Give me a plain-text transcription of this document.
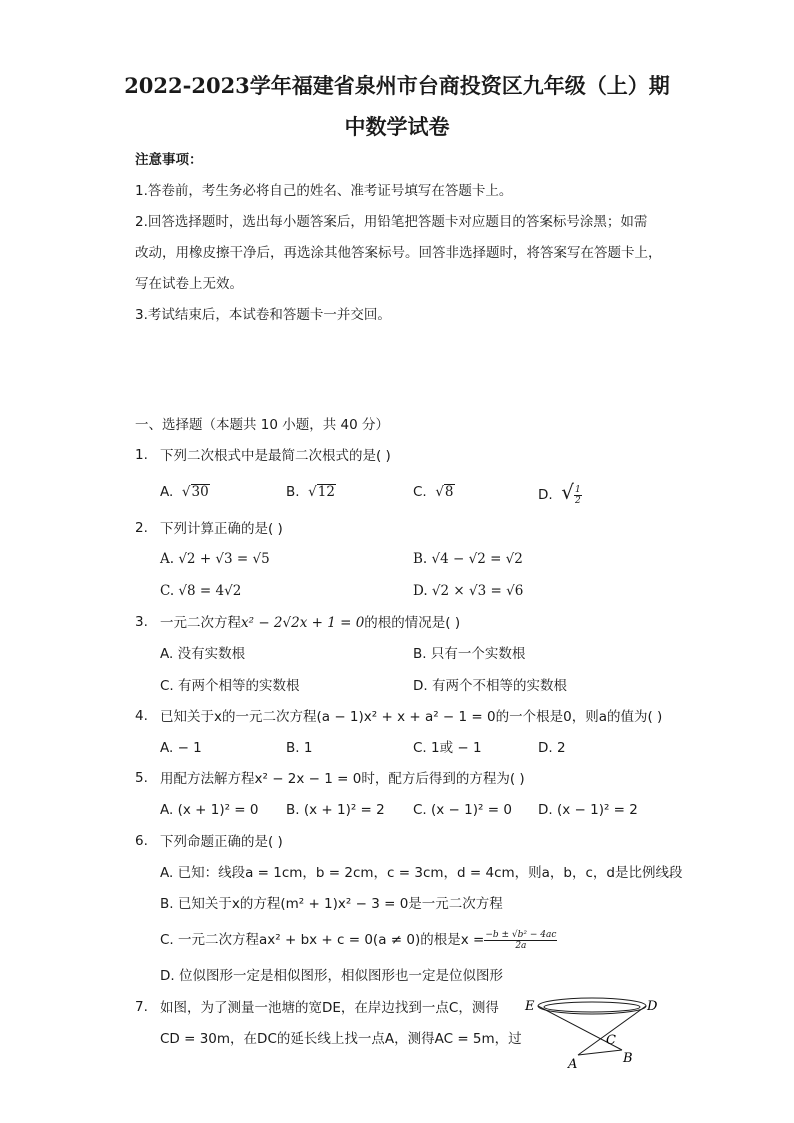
2022-2023学年福建省泉州市台商投资区九年级（上）期
中数学试卷
注意事项：
1.答卷前，考生务必将自己的姓名、准考证号填写在答题卡上。
2.回答选择题时，选出每小题答案后，用铅笔把答题卡对应题目的答案标号涂黑；如需
改动，用橡皮擦干净后，再选涂其他答案标号。回答非选择题时，将答案写在答题卡上，
写在试卷上无效。
3.考试结束后，本试卷和答题卡一并交回。
一、选择题（本题共 10 小题，共 40 分）
1. 下列二次根式中是最简二次根式的是( )
A. √30	B. √12	C. √8	D. √ $\frac{1}{2}$
2. 下列计算正确的是( )
A. √2 + √3 = √5	B. √4 − √2 = √2
C. √8 = 4√2	D. √2 × √3 = √6
3. 一元二次方程x² − 2√2x + 1 = 0的根的情况是( )
A. 没有实数根	B. 只有一个实数根
C. 有两个相等的实数根	D. 有两个不相等的实数根
4. 已知关于x的一元二次方程(a − 1)x² + x + a² − 1 = 0的一个根是0，则a的值为( )
A. − 1	B. 1	C. 1或 − 1	D. 2
5. 用配方法解方程x² − 2x − 1 = 0时，配方后得到的方程为( )
A. (x + 1)² = 0 B. (x + 1)² = 2 C. (x − 1)² = 0 D. (x − 1)² = 2
6. 下列命题正确的是( )
A. 已知：线段a = 1cm，b = 2cm，c = 3cm，d = 4cm，则a，b，c，d是比例线段
B. 已知关于x的方程(m² + 1)x² − 3 = 0是一元二次方程
C. 一元二次方程ax² + bx + c = 0(a ≠ 0)的根是$x = \frac{\text{−b ± √b² − 4ac}}{2a}$
D. 位似图形一定是相似图形，相似图形也一定是位似图形
7. 如图，为了测量一池塘的宽DE，在岸边找到一点C，测得
CD = 30m，在DC的延长线上找一点A，测得AC = 5m，过
E	D
C
A	B
